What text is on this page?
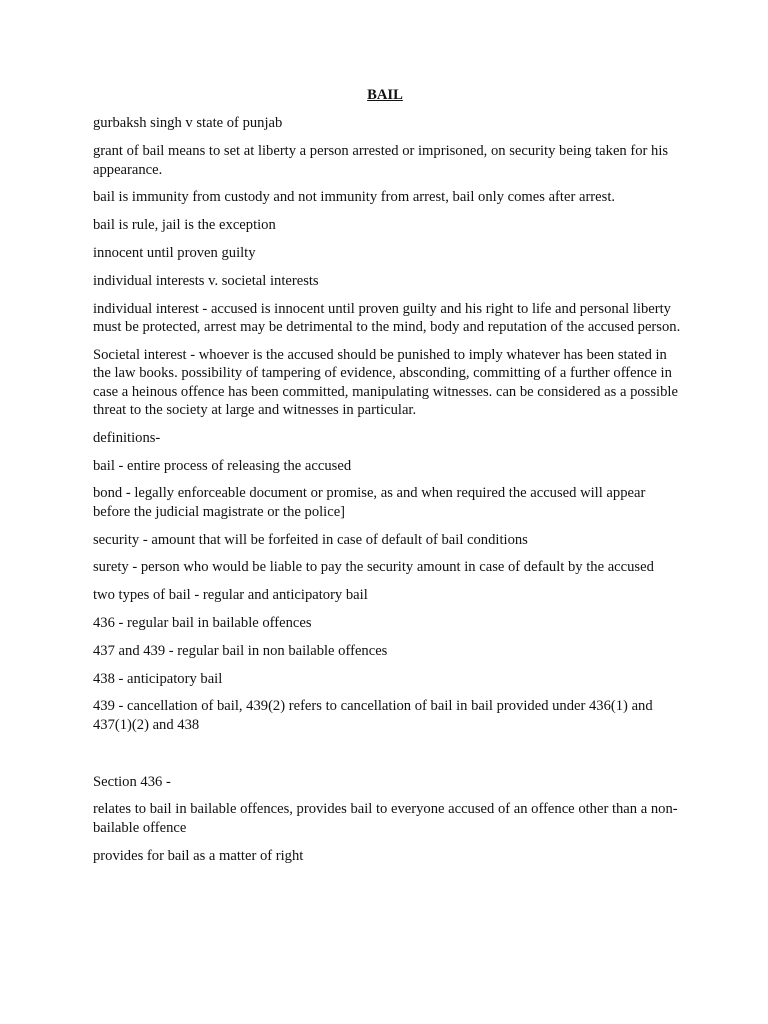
BAIL
gurbaksh singh v state of punjab
grant of bail means to set at liberty a person arrested or imprisoned, on security being taken for his appearance.
bail is immunity from custody and not immunity from arrest, bail only comes after arrest.
bail is rule, jail is the exception
innocent until proven guilty
individual interests v. societal interests
individual interest - accused is innocent until proven guilty and his right to life and personal liberty must be protected, arrest may be detrimental to the mind, body and reputation of the accused person.
Societal interest - whoever is the accused should be punished to imply whatever has been stated in the law books. possibility of tampering of evidence, absconding, committing of a further offence in case a heinous offence has been committed, manipulating witnesses. can be considered as a possible threat to the society at large and witnesses in particular.
definitions-
bail - entire process of releasing the accused
bond - legally enforceable document or promise, as and when required the accused will appear before the judicial magistrate or the police]
security - amount that will be forfeited in case of default of bail conditions
surety - person who would be liable to pay the security amount in case of default by the accused
two types of bail - regular and anticipatory bail
436 - regular bail in bailable offences
437 and 439 - regular bail in non bailable offences
438 - anticipatory bail
439 - cancellation of bail, 439(2) refers to cancellation of bail in bail provided under 436(1) and 437(1)(2) and 438
Section 436 -
relates to bail in bailable offences, provides bail to everyone accused of an offence other than a non-bailable offence
provides for bail as a matter of right
